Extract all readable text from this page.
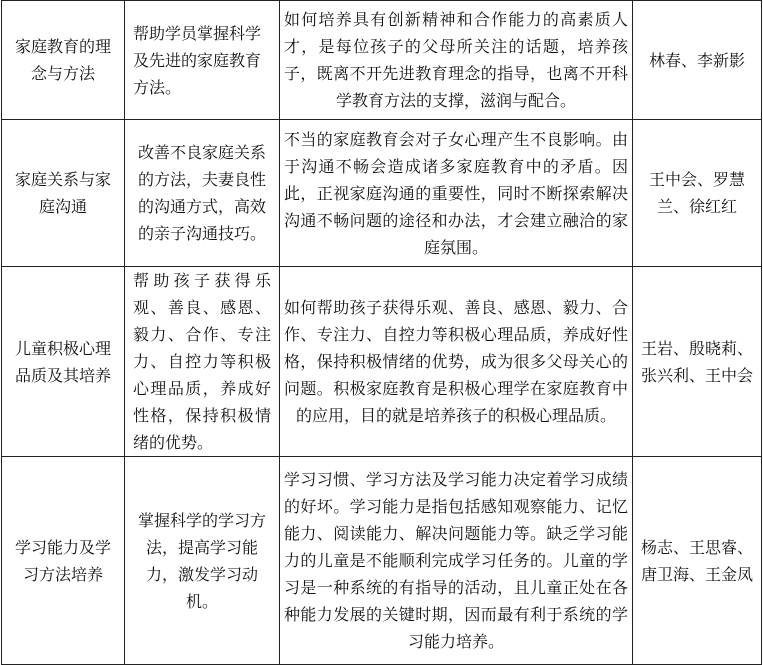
家庭教育的理念与方法	帮助学员掌握科学及先进的家庭教育方法。	如何培养具有创新精神和合作能力的高素质人才，是每位孩子的父母所关注的话题，培养孩子，既离不开先进教育理念的指导，也离不开科学教育方法的支撑，滋润与配合。	林春、李新影
家庭关系与家庭沟通	改善不良家庭关系的方法，夫妻良性的沟通方式，高效的亲子沟通技巧。	不当的家庭教育会对子女心理产生不良影响。由于沟通不畅会造成诸多家庭教育中的矛盾。因此，正视家庭沟通的重要性，同时不断探索解决沟通不畅问题的途径和办法，才会建立融洽的家庭氛围。	王中会、罗慧兰、徐红红
儿童积极心理品质及其培养	帮助孩子获得乐观、善良、感恩、毅力、合作、专注力、自控力等积极心理品质，养成好性格，保持积极情绪的优势。	如何帮助孩子获得乐观、善良、感恩、毅力、合作、专注力、自控力等积极心理品质，养成好性格，保持积极情绪的优势，成为很多父母关心的问题。积极家庭教育是积极心理学在家庭教育中的应用，目的就是培养孩子的积极心理品质。	王岩、殷晓莉、张兴利、王中会
学习能力及学习方法培养	掌握科学的学习方法，提高学习能力，激发学习动机。	学习习惯、学习方法及学习能力决定着学习成绩的好坏。学习能力是指包括感知观察能力、记忆能力、阅读能力、解决问题能力等。缺乏学习能力的儿童是不能顺利完成学习任务的。儿童的学习是一种系统的有指导的活动，且儿童正处在各种能力发展的关键时期，因而最有利于系统的学习能力培养。	杨志、王思睿、唐卫海、王金凤
